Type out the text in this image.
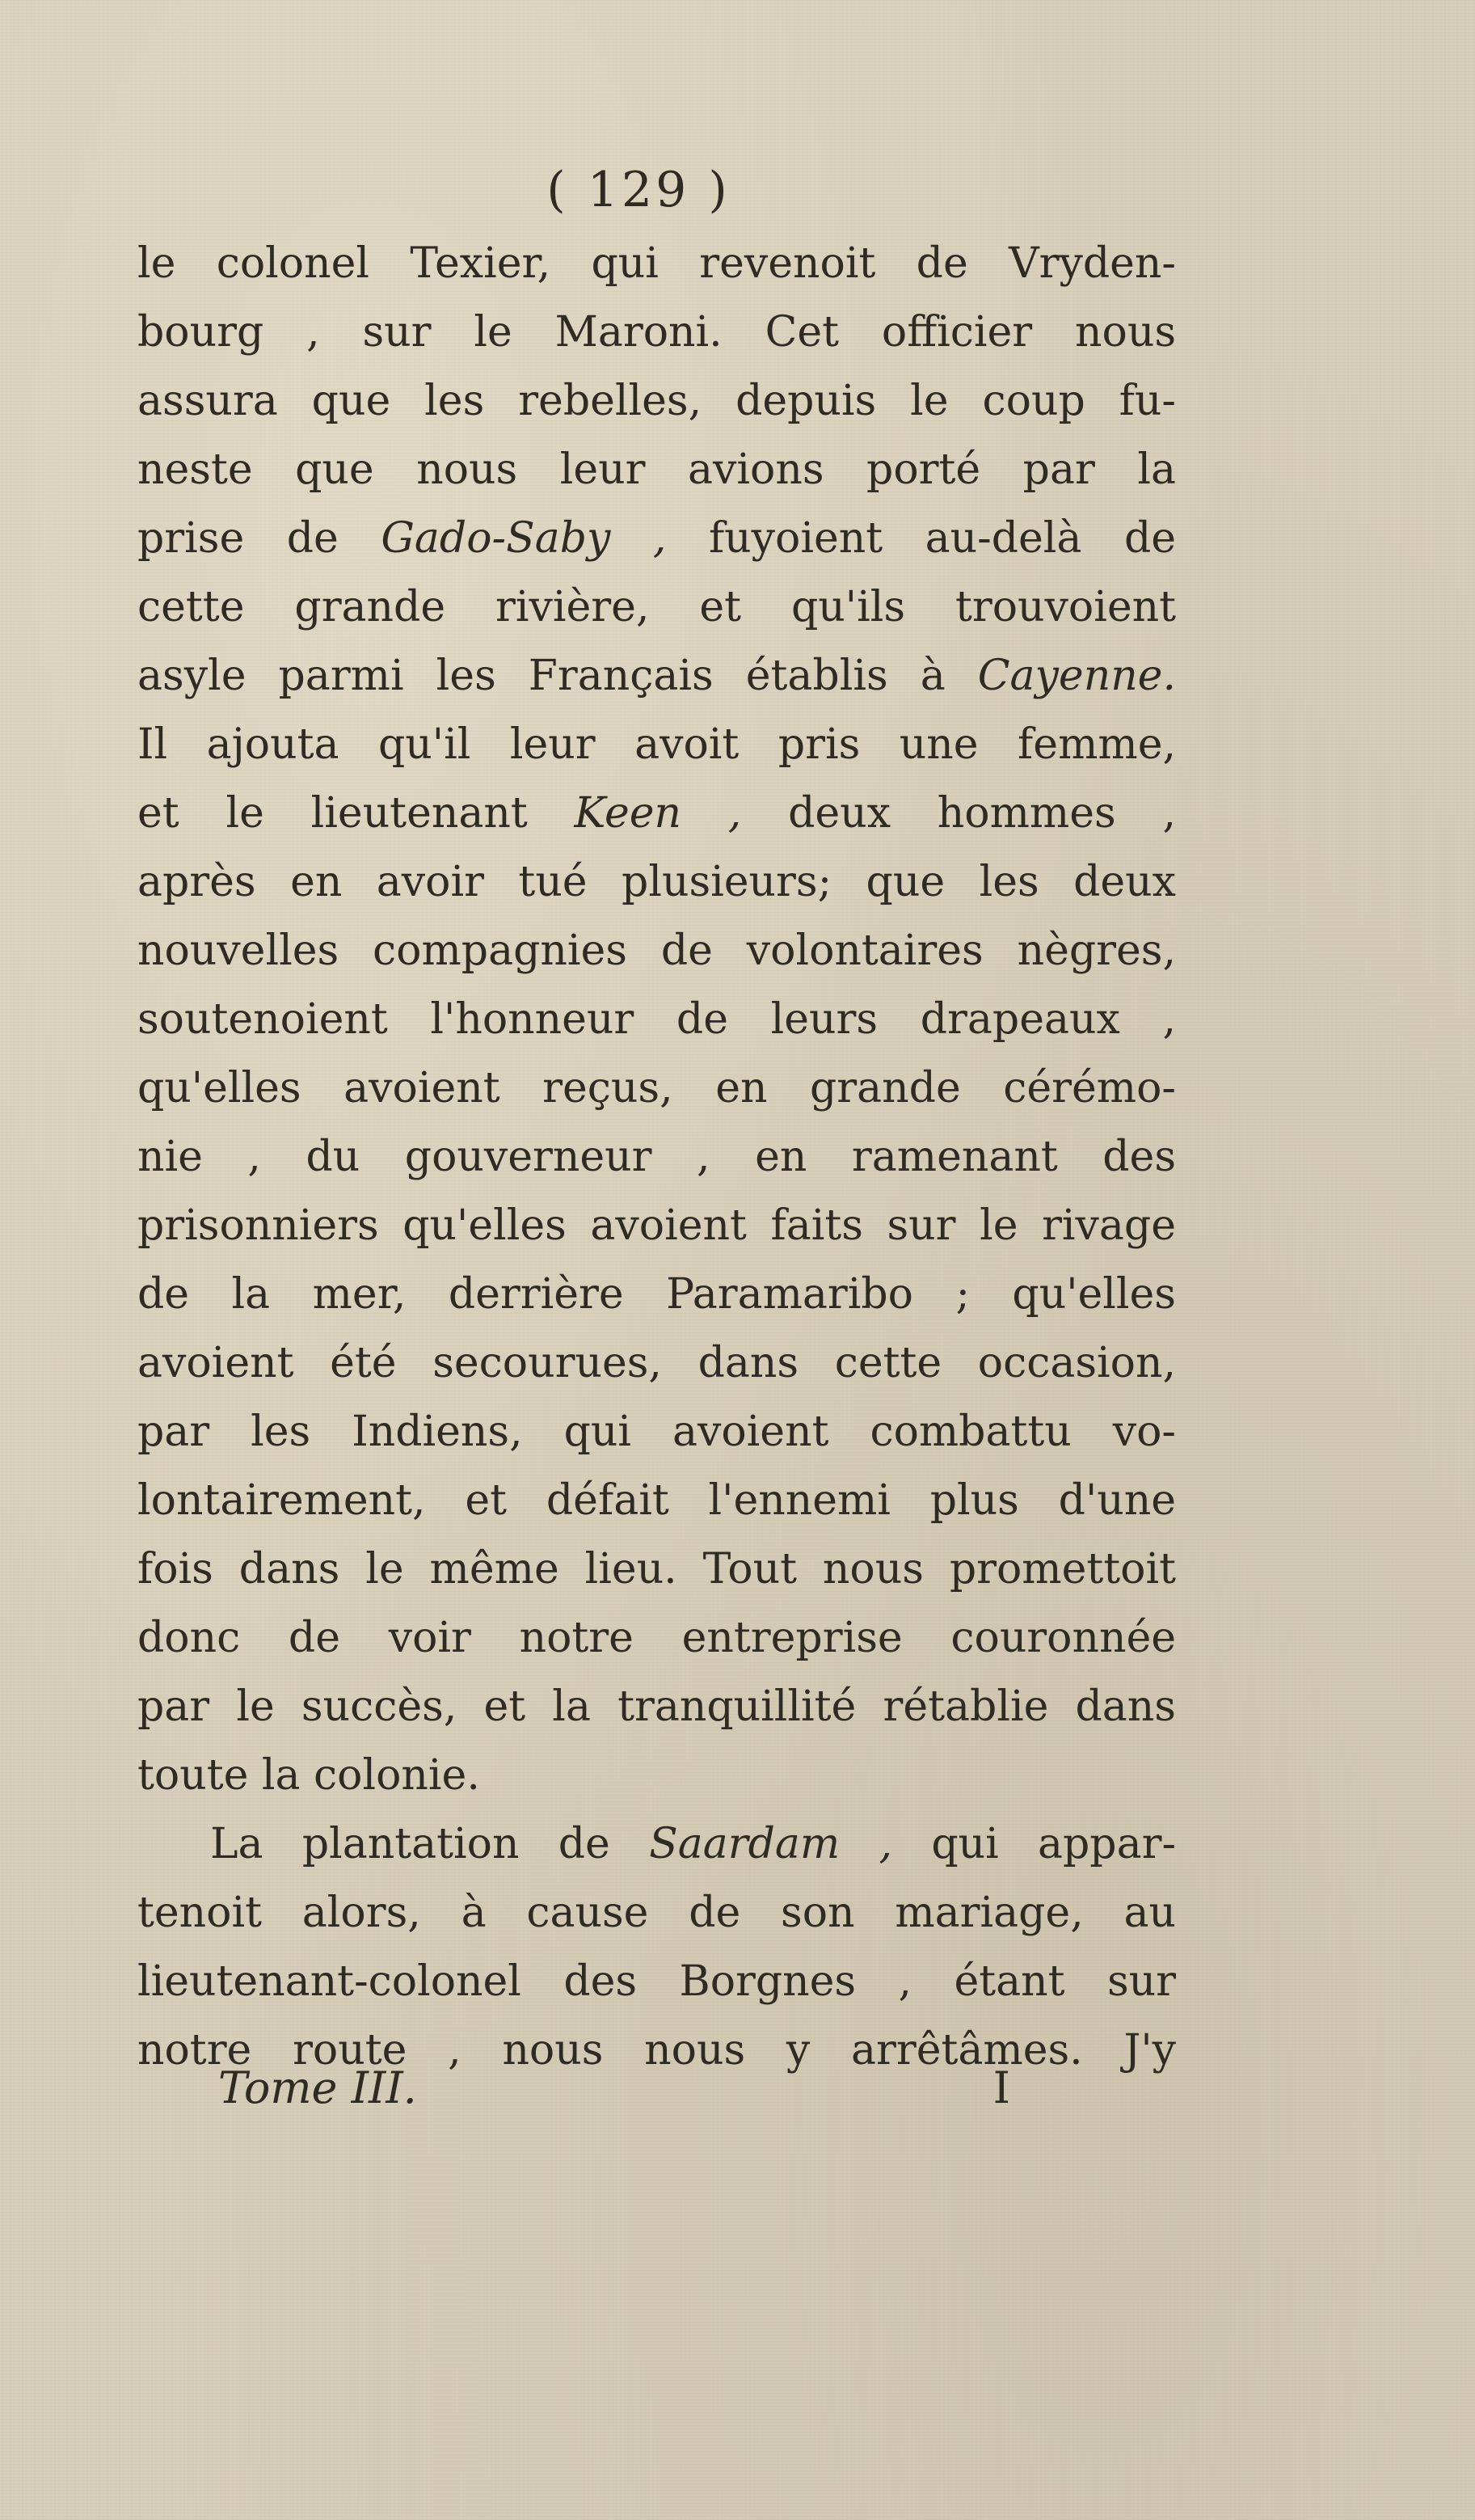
( 129 )
le colonel Texier, qui revenoit de Vryden-
bourg , sur le Maroni. Cet officier nous
assura que les rebelles, depuis le coup fu-
neste que nous leur avions porté par la
prise de Gado-Saby , fuyoient au-delà de
cette grande rivière, et qu'ils trouvoient
asyle parmi les Français établis à Cayenne.
Il ajouta qu'il leur avoit pris une femme,
et le lieutenant Keen , deux hommes ,
après en avoir tué plusieurs; que les deux
nouvelles compagnies de volontaires nègres,
soutenoient l'honneur de leurs drapeaux ,
qu'elles avoient reçus, en grande cérémo-
nie , du gouverneur , en ramenant des
prisonniers qu'elles avoient faits sur le rivage
de la mer, derrière Paramaribo ; qu'elles
avoient été secourues, dans cette occasion,
par les Indiens, qui avoient combattu vo-
lontairement, et défait l'ennemi plus d'une
fois dans le même lieu. Tout nous promettoit
donc de voir notre entreprise couronnée
par le succès, et la tranquillité rétablie dans
toute la colonie.
La plantation de Saardam , qui appar-
tenoit alors, à cause de son mariage, au
lieutenant-colonel des Borgnes , étant sur
notre route , nous nous y arrêtâmes. J'y
Tome III.	I
